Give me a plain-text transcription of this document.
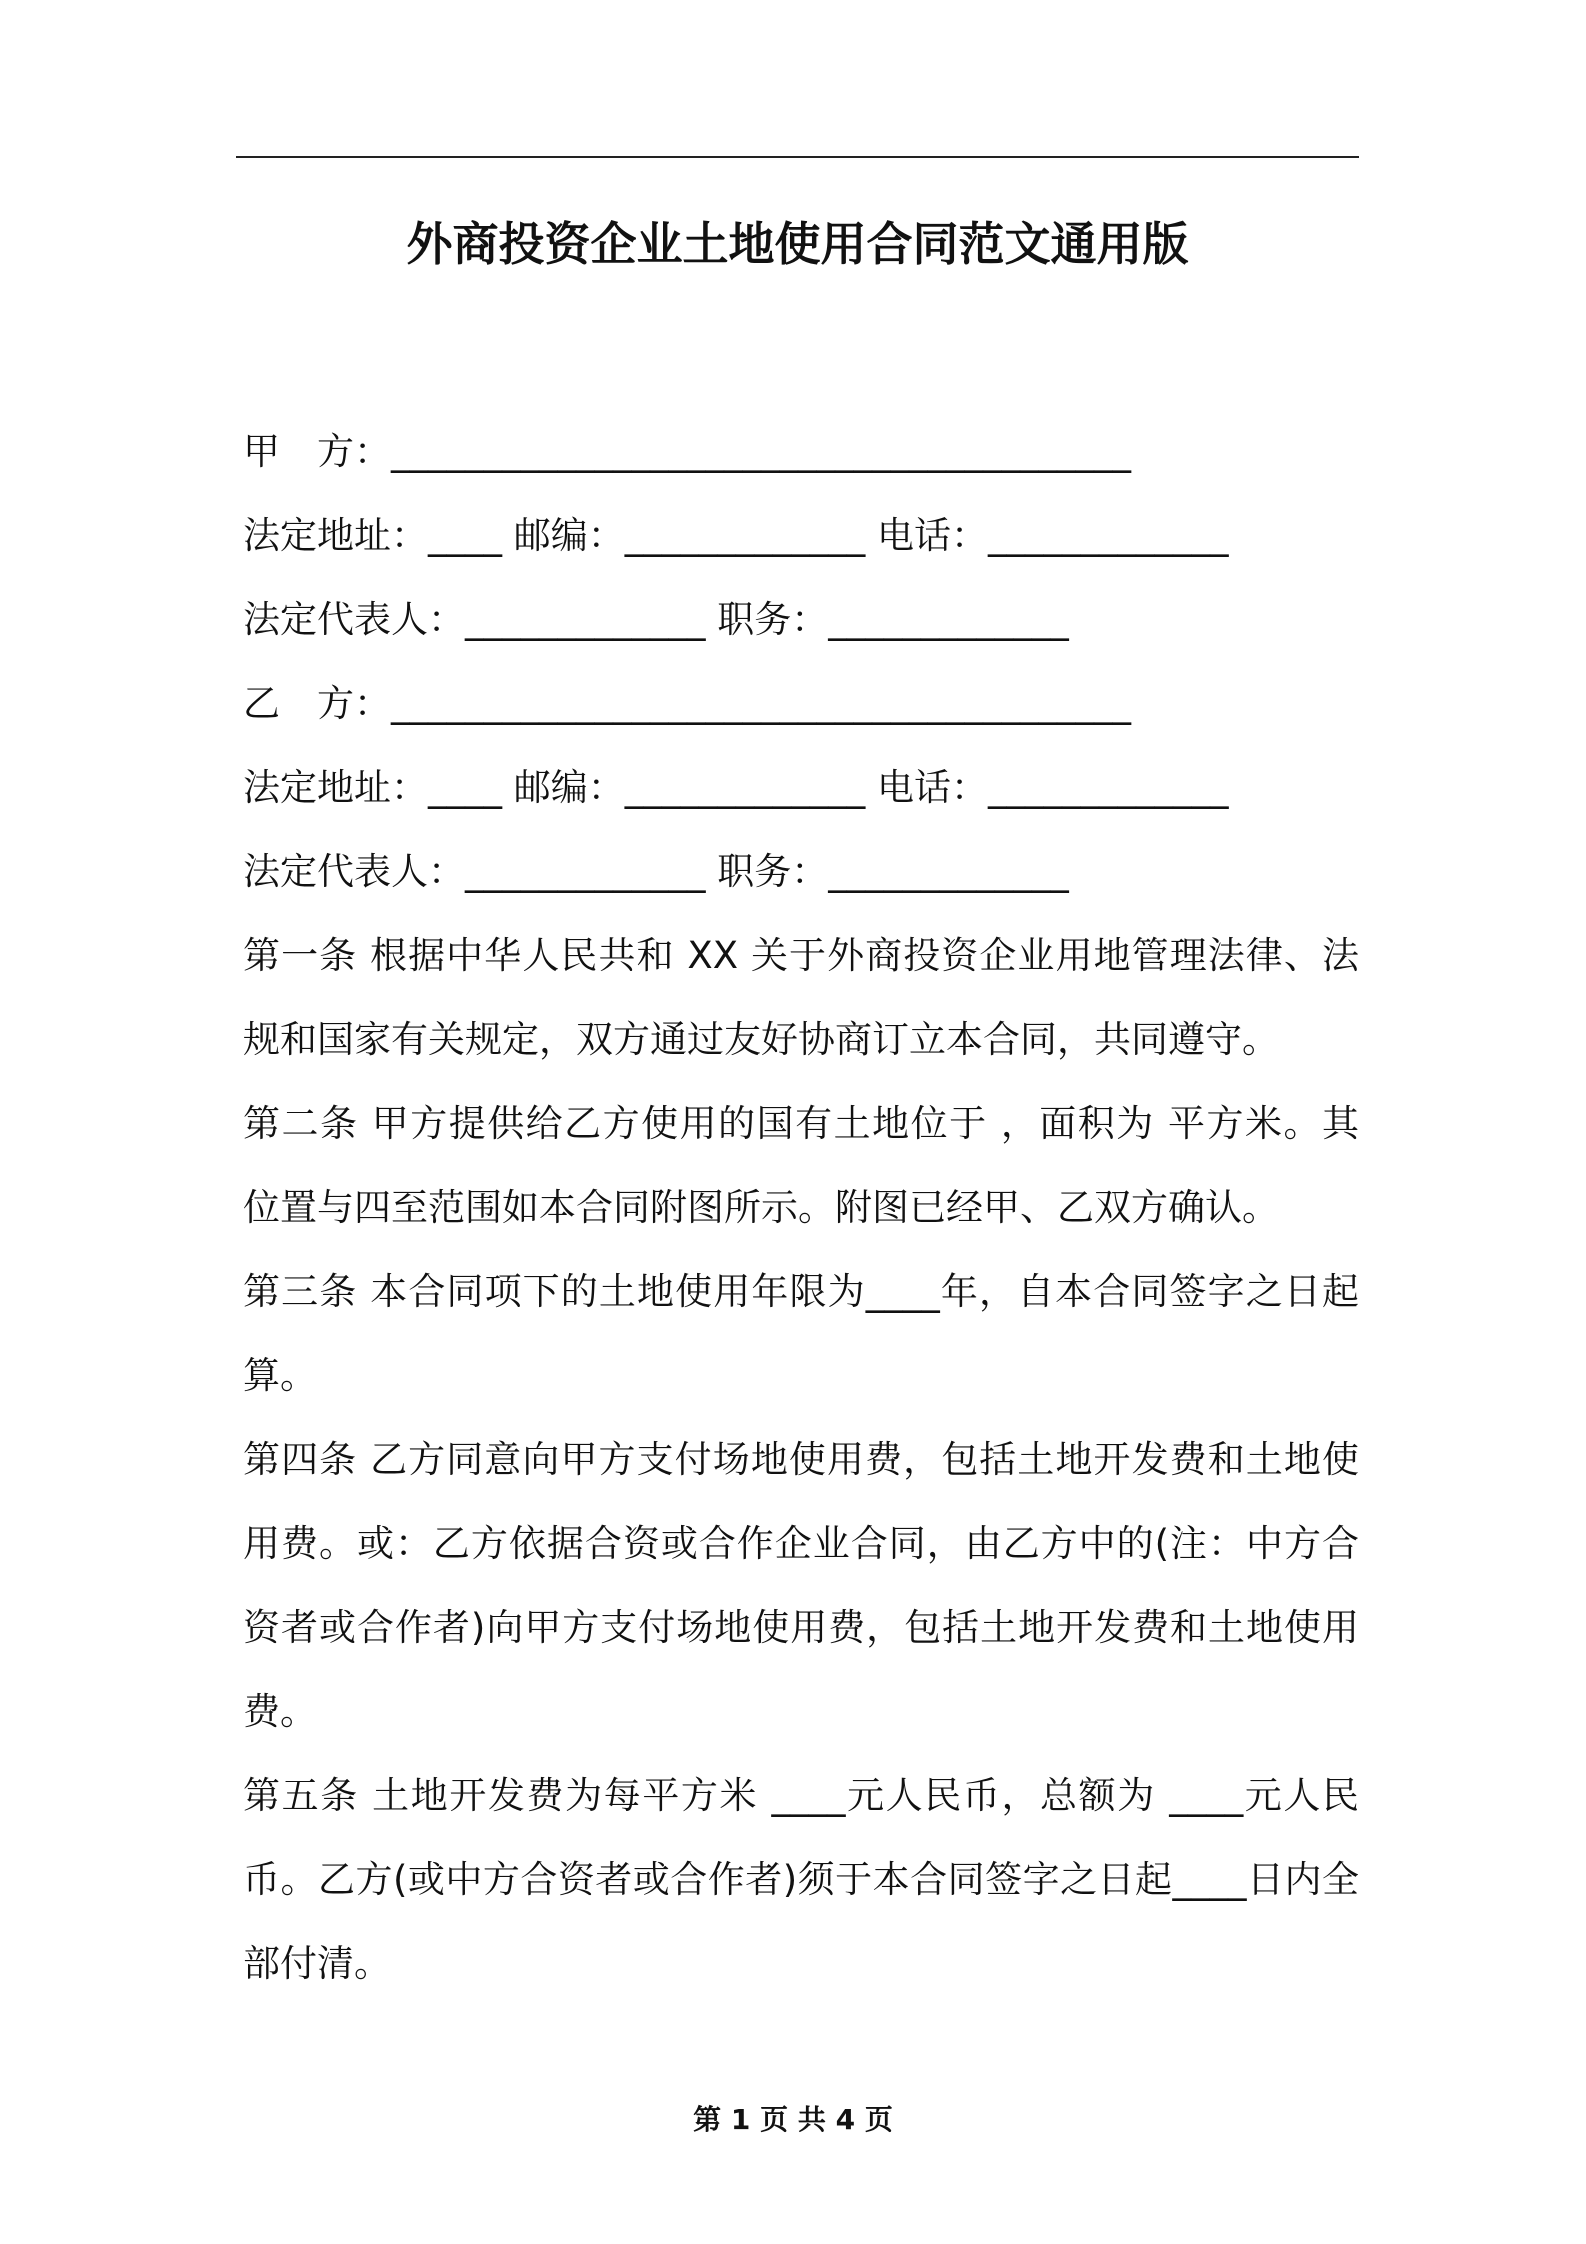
外商投资企业土地使用合同范文通用版
甲　方：________________________________________
法定地址：____ 邮编：_____________ 电话：_____________
法定代表人：_____________ 职务：_____________
乙　方：________________________________________
法定地址：____ 邮编：_____________ 电话：_____________
法定代表人：_____________ 职务：_____________
第一条 根据中华人民共和 XX 关于外商投资企业用地管理法律、法
规和国家有关规定，双方通过友好协商订立本合同，共同遵守。
第二条 甲方提供给乙方使用的国有土地位于 ，面积为 平方米。其
位置与四至范围如本合同附图所示。附图已经甲、乙双方确认。
第三条 本合同项下的土地使用年限为____年，自本合同签字之日起
算。
第四条 乙方同意向甲方支付场地使用费，包括土地开发费和土地使
用费。或：乙方依据合资或合作企业合同，由乙方中的(注：中方合
资者或合作者)向甲方支付场地使用费，包括土地开发费和土地使用
费。
第五条 土地开发费为每平方米 ____元人民币，总额为 ____元人民
币。乙方(或中方合资者或合作者)须于本合同签字之日起____日内全
部付清。
第 1 页 共 4 页
